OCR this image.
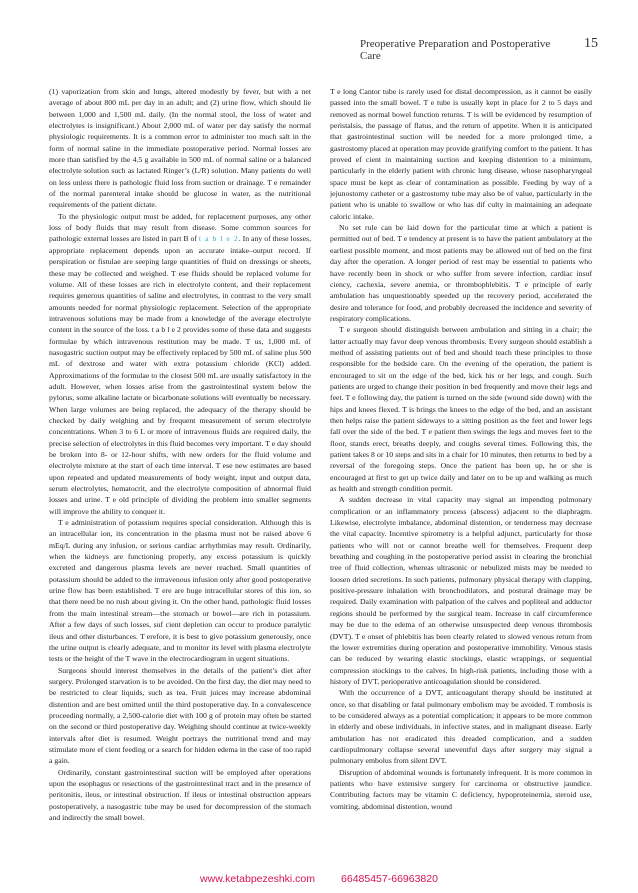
Preoperative Preparation and Postoperative Care
15

(1) vaporization from skin and lungs, altered modestly by fever, but with a net average of about 800 mL per day in an adult; and (2) urine flow, which should lie between 1,000 and 1,500 mL daily. (In the normal stool, the loss of water and electrolytes is insignificant.) About 2,000 mL of water per day satisfy the normal physiologic requirements. It is a common error to administer too much salt in the form of normal saline in the immediate postoperative period. Normal losses are more than satisfied by the 4.5 g available in 500 mL of normal saline or a balanced electrolyte solution such as lactated Ringer’s (L/R) solution. Many patients do well on less unless there is pathologic fluid loss from suction or drainage. T e remainder of the normal parenteral intake should be glucose in water, as the nutritional requirements of the patient dictate.

To the physiologic output must be added, for replacement purposes, any other loss of body fluids that may result from disease. Some common sources for pathologic external losses are listed in part B of t a b l e 2. In any of these losses, appropriate replacement depends upon an accurate intake–output record. If perspiration or fistulae are seeping large quantities of fluid on dressings or sheets, these may be collected and weighed. T ese fluids should be replaced volume for volume. All of these losses are rich in electrolyte content, and their replacement requires generous quantities of saline and electrolytes, in contrast to the very small amounts needed for normal physiologic replacement. Selection of the appropriate intravenous solutions may be made from a knowledge of the average electrolyte content in the source of the loss. t a b l e 2 provides some of these data and suggests formulae by which intravenous restitution may be made. T us, 1,000 mL of nasogastric suction output may be effectively replaced by 500 mL of saline plus 500 mL of dextrose and water with extra potassium chloride (KCl) added. Approximations of the formulae to the closest 500 mL are usually satisfactory in the adult. However, when losses arise from the gastrointestinal system below the pylorus, some alkaline lactate or bicarbonate solutions will eventually be necessary. When large volumes are being replaced, the adequacy of the therapy should be checked by daily weighing and by frequent measurement of serum electrolyte concentrations. When 3 to 6 L or more of intravenous fluids are required daily, the precise selection of electrolytes in this fluid becomes very important. T e day should be broken into 8- or 12-hour shifts, with new orders for the fluid volume and electrolyte mixture at the start of each time interval. T ese new estimates are based upon repeated and updated measurements of body weight, input and output data, serum electrolytes, hematocrit, and the electrolyte composition of abnormal fluid losses and urine. T e old principle of dividing the problem into smaller segments will improve the ability to conquer it.

T e administration of potassium requires special consideration. Although this is an intracellular ion, its concentration in the plasma must not be raised above 6 mEq/L during any infusion, or serious cardiac arrhythmias may result. Ordinarily, when the kidneys are functioning properly, any excess potassium is quickly excreted and dangerous plasma levels are never reached. Small quantities of potassium should be added to the intravenous infusion only after good postoperative urine flow has been established. T ere are huge intracellular stores of this ion, so that there need be no rush about giving it. On the other hand, pathologic fluid losses from the main intestinal stream—the stomach or bowel—are rich in potassium. After a few days of such losses, suf cient depletion can occur to produce paralytic ileus and other disturbances. T erefore, it is best to give potassium generously, once the urine output is clearly adequate, and to monitor its level with plasma electrolyte tests or the height of the T wave in the electrocardiogram in urgent situations.

Surgeons should interest themselves in the details of the patient’s diet after surgery. Prolonged starvation is to be avoided. On the first day, the diet may need to be restricted to clear liquids, such as tea. Fruit juices may increase abdominal distention and are best omitted until the third postoperative day. In a convalescence proceeding normally, a 2,500-calorie diet with 100 g of protein may often be started on the second or third postoperative day. Weighing should continue at twice-weekly intervals after diet is resumed. Weight portrays the nutritional trend and may stimulate more ef cient feeding or a search for hidden edema in the case of too rapid a gain.

Ordinarily, constant gastrointestinal suction will be employed after operations upon the esophagus or resections of the gastrointestinal tract and in the presence of peritonitis, ileus, or intestinal obstruction. If ileus or intestinal obstruction appears postoperatively, a nasogastric tube may be used for decompression of the stomach and indirectly the small bowel.

T e long Cantor tube is rarely used for distal decompression, as it cannot be easily passed into the small bowel. T e tube is usually kept in place for 2 to 5 days and removed as normal bowel function returns. T is will be evidenced by resumption of peristalsis, the passage of flatus, and the return of appetite. When it is anticipated that gastrointestinal suction will be needed for a more prolonged time, a gastrostomy placed at operation may provide gratifying comfort to the patient. It has proved ef cient in maintaining suction and keeping distention to a minimum, particularly in the elderly patient with chronic lung disease, whose nasopharyngeal space must be kept as clear of contamination as possible. Feeding by way of a jejunostomy catheter or a gastrostomy tube may also be of value, particularly in the patient who is unable to swallow or who has dif culty in maintaining an adequate caloric intake.

No set rule can be laid down for the particular time at which a patient is permitted out of bed. T e tendency at present is to have the patient ambulatory at the earliest possible moment, and most patients may be allowed out of bed on the first day after the operation. A longer period of rest may be essential to patients who have recently been in shock or who suffer from severe infection, cardiac insuf ciency, cachexia, severe anemia, or thrombophlebitis. T e principle of early ambulation has unquestionably speeded up the recovery period, accelerated the desire and tolerance for food, and probably decreased the incidence and severity of respiratory complications.

T e surgeon should distinguish between ambulation and sitting in a chair; the latter actually may favor deep venous thrombosis. Every surgeon should establish a method of assisting patients out of bed and should teach these principles to those responsible for the bedside care. On the evening of the operation, the patient is encouraged to sit on the edge of the bed, kick his or her legs, and cough. Such patients are urged to change their position in bed frequently and move their legs and feet. T e following day, the patient is turned on the side (wound side down) with the hips and knees flexed. T is brings the knees to the edge of the bed, and an assistant then helps raise the patient sideways to a sitting position as the feet and lower legs fall over the side of the bed. T e patient then swings the legs and moves feet to the floor, stands erect, breaths deeply, and coughs several times. Following this, the patient takes 8 or 10 steps and sits in a chair for 10 minutes, then returns to bed by a reversal of the foregoing steps. Once the patient has been up, he or she is encouraged at first to get up twice daily and later on to be up and walking as much as health and strength condition permit.

A sudden decrease in vital capacity may signal an impending pulmonary complication or an inflammatory process (abscess) adjacent to the diaphragm. Likewise, electrolyte imbalance, abdominal distention, or tenderness may decrease the vital capacity. Incentive spirometry is a helpful adjunct, particularly for those patients who will not or cannot breathe well for themselves. Frequent deep breathing and coughing in the postoperative period assist in clearing the bronchial tree of fluid collection, whereas ultrasonic or nebulized mists may be needed to loosen dried secretions. In such patients, pulmonary physical therapy with clapping, positive-pressure inhalation with bronchodilators, and postural drainage may be required. Daily examination with palpation of the calves and popliteal and adductor regions should be performed by the surgical team. Increase in calf circumference may be due to the edema of an otherwise unsuspected deep venous thrombosis (DVT). T e onset of phlebitis has been clearly related to slowed venous return from the lower extremities during operation and postoperative immobility. Venous stasis can be reduced by wearing elastic stockings, elastic wrappings, or sequential compression stockings to the calves. In high-risk patients, including those with a history of DVT, perioperative anticoagulation should be considered.

With the occurrence of a DVT, anticoagulant therapy should be instituted at once, so that disabling or fatal pulmonary embolism may be avoided. T rombosis is to be considered always as a potential complication; it appears to be more common in elderly and obese individuals, in infective states, and in malignant disease. Early ambulation has not eradicated this dreaded complication, and a sudden cardiopulmonary collapse several uneventful days after surgery may signal a pulmonary embolus from silent DVT.

Disruption of abdominal wounds is fortunately infrequent. It is more common in patients who have extensive surgery for carcinoma or obstructive jaundice. Contributing factors may be vitamin C deficiency, hypoproteinemia, steroid use, vomiting, abdominal distention, wound

www.ketabpezeshki.com 66485457-66963820
